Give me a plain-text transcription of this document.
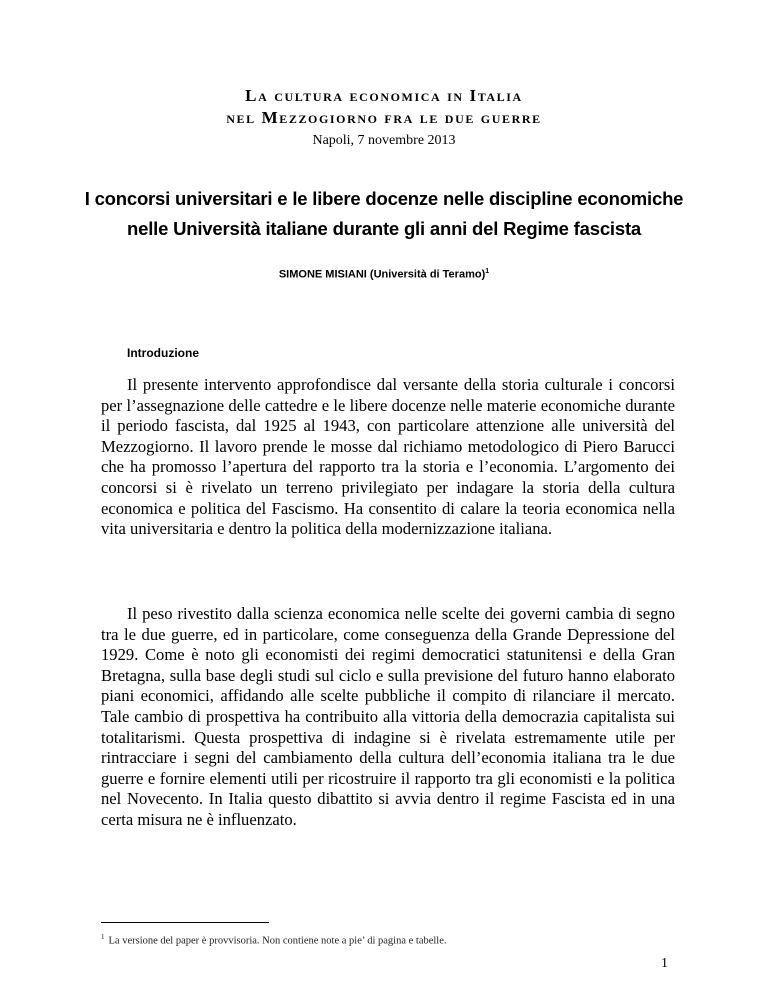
La cultura economica in Italia
nel Mezzogiorno fra le due guerre
Napoli, 7 novembre 2013
I concorsi universitari e le libere docenze nelle discipline economiche
nelle Università italiane durante gli anni del Regime fascista
SIMONE MISIANI (Università di Teramo)$^1$
Introduzione

Il presente intervento approfondisce dal versante della storia culturale i concorsi per l’assegnazione delle cattedre e le libere docenze nelle materie economiche durante il periodo fascista, dal 1925 al 1943, con particolare attenzione alle università del Mezzogiorno. Il lavoro prende le mosse dal richiamo metodologico di Piero Barucci che ha promosso l’apertura del rapporto tra la storia e l’economia. L’argomento dei concorsi si è rivelato un terreno privilegiato per indagare la storia della cultura economica e politica del Fascismo. Ha consentito di calare la teoria economica nella vita universitaria e dentro la politica della modernizzazione italiana.

Il peso rivestito dalla scienza economica nelle scelte dei governi cambia di segno tra le due guerre, ed in particolare, come conseguenza della Grande Depressione del 1929. Come è noto gli economisti dei regimi democratici statunitensi e della Gran Bretagna, sulla base degli studi sul ciclo e sulla previsione del futuro hanno elaborato piani economici, affidando alle scelte pubbliche il compito di rilanciare il mercato. Tale cambio di prospettiva ha contribuito alla vittoria della democrazia capitalista sui totalitarismi. Questa prospettiva di indagine si è rivelata estremamente utile per rintracciare i segni del cambiamento della cultura dell’economia italiana tra le due guerre e fornire elementi utili per ricostruire il rapporto tra gli economisti e la politica nel Novecento. In Italia questo dibattito si avvia dentro il regime Fascista ed in una certa misura ne è influenzato.

$^1$ La versione del paper è provvisoria. Non contiene note a pie’ di pagina e tabelle.
1
